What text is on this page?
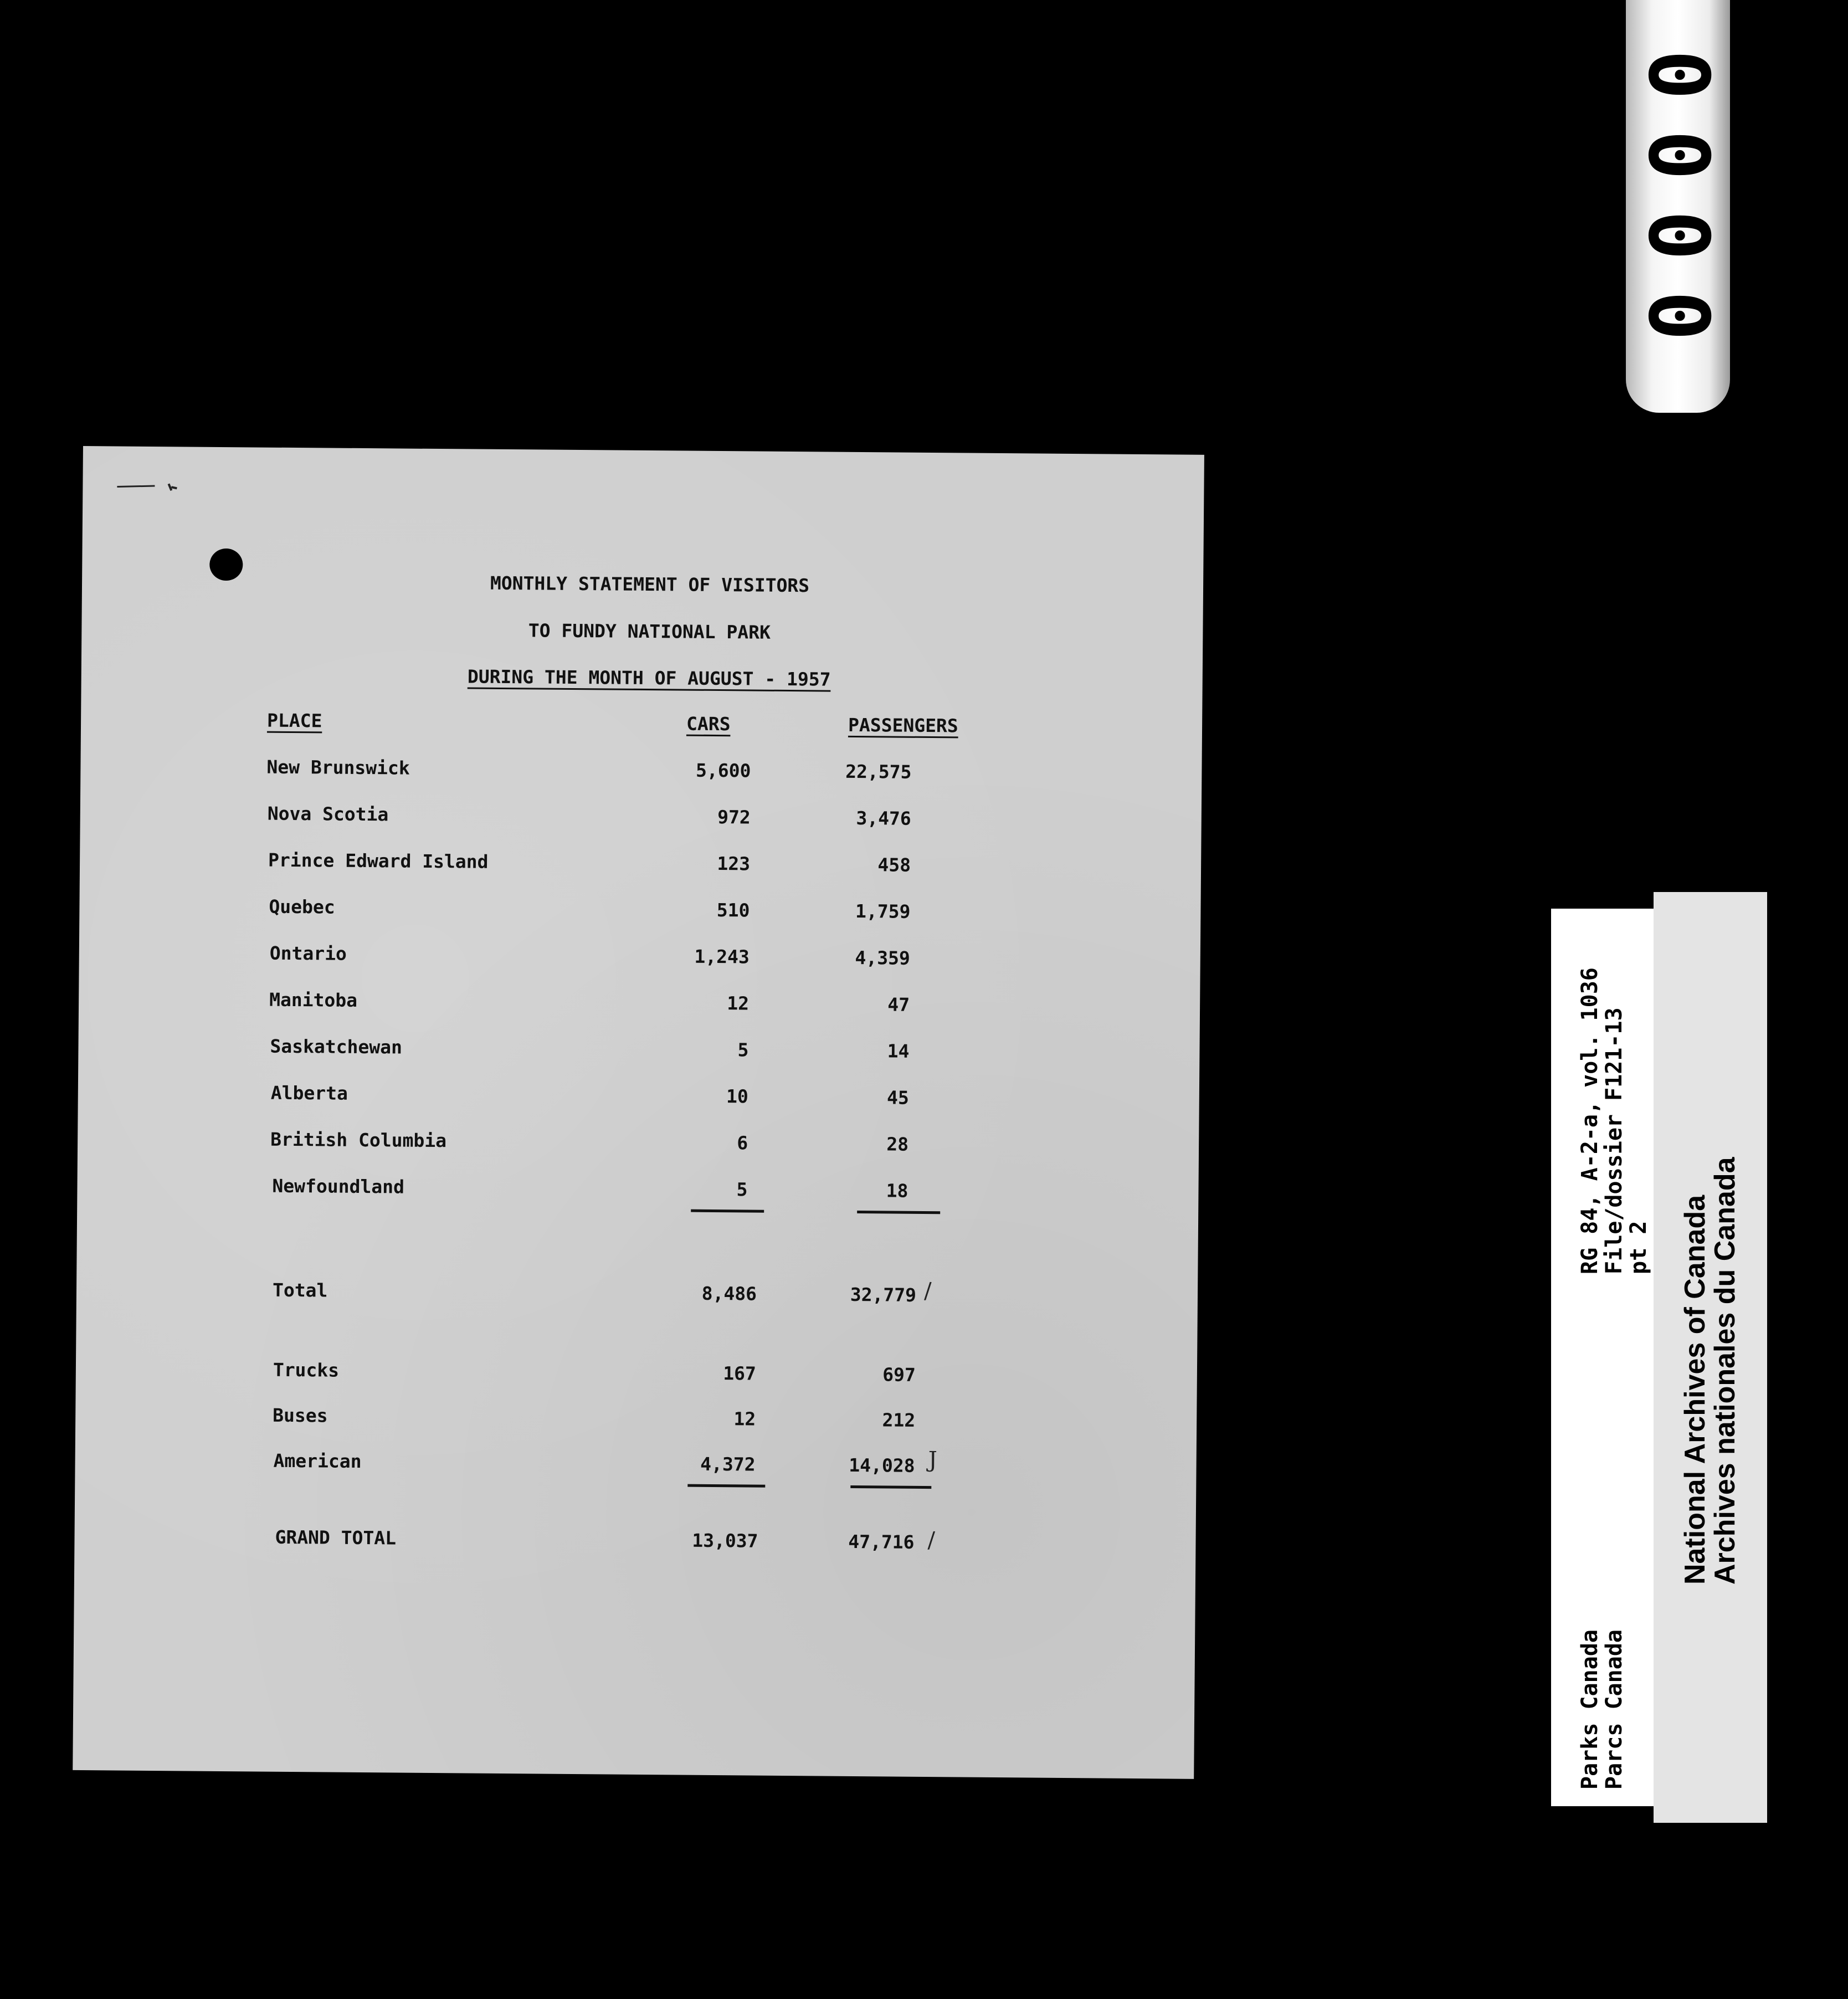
0
0
0
0
MONTHLY STATEMENT OF VISITORS
TO FUNDY NATIONAL PARK
DURING THE MONTH OF AUGUST - 1957
PLACE	CARS	PASSENGERS
New Brunswick	5,600	22,575
Nova Scotia	972	3,476
Prince Edward Island	123	458
Quebec	510	1,759
Ontario	1,243	4,359
Manitoba	12	47
Saskatchewan	5	14
Alberta	10	45
British Columbia	6	28
Newfoundland	5	18
Total	8,486	32,779 /
Trucks	167	697
Buses	12	212
American	4,372	14,028 J
GRAND TOTAL	13,037	47,716 /
Parks Canada
Parcs Canada
RG 84, A-2-a, vol. 1036
File/dossier F121-13
pt 2 National Archives of Canada
Archives nationales du Canada
